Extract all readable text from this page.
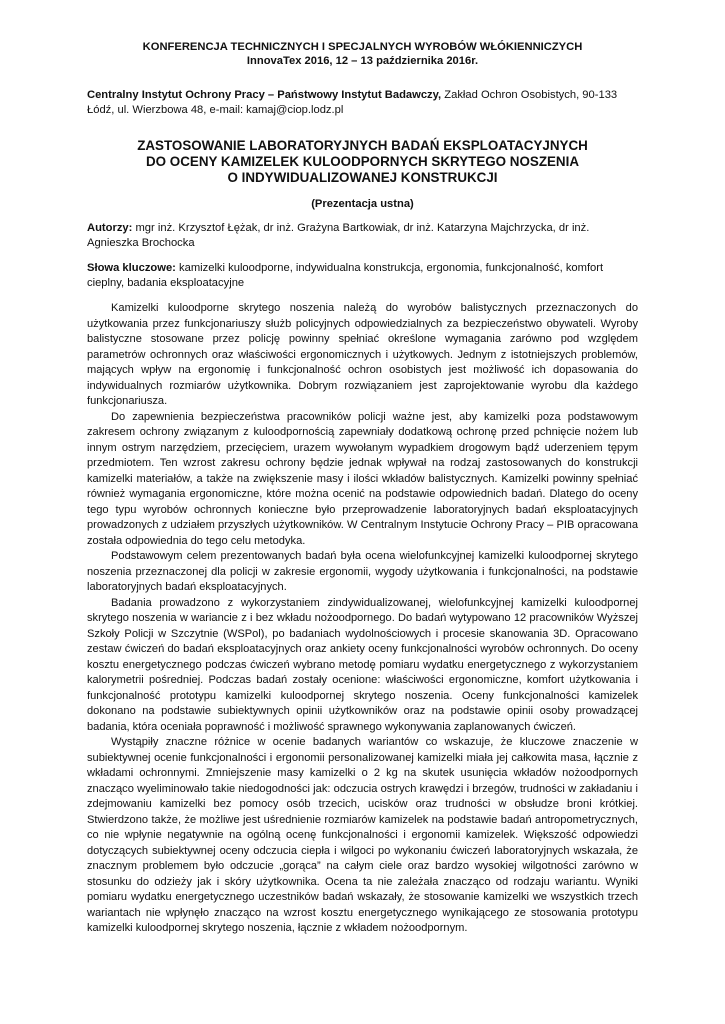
KONFERENCJA TECHNICZNYCH I SPECJALNYCH WYROBÓW WŁÓKIENNICZYCH
InnovaTex 2016, 12 – 13 października 2016r.
Centralny Instytut Ochrony Pracy – Państwowy Instytut Badawczy, Zakład Ochron Osobistych, 90-133 Łódź, ul. Wierzbowa 48, e-mail: kamaj@ciop.lodz.pl
ZASTOSOWANIE LABORATORYJNYCH BADAŃ EKSPLOATACYJNYCH
DO OCENY KAMIZELEK KULOODPORNYCH SKRYTEGO NOSZENIA
O INDYWIDUALIZOWANEJ KONSTRUKCJI
(Prezentacja ustna)
Autorzy: mgr inż. Krzysztof Łężak, dr inż. Grażyna Bartkowiak, dr inż. Katarzyna Majchrzycka, dr inż. Agnieszka Brochocka
Słowa kluczowe: kamizelki kuloodporne, indywidualna konstrukcja, ergonomia, funkcjonalność, komfort cieplny, badania eksploatacyjne

Kamizelki kuloodporne skrytego noszenia należą do wyrobów balistycznych przeznaczonych do użytkowania przez funkcjonariuszy służb policyjnych odpowiedzialnych za bezpieczeństwo obywateli. Wyroby balistyczne stosowane przez policję powinny spełniać określone wymagania zarówno pod względem parametrów ochronnych oraz właściwości ergonomicznych i użytkowych. Jednym z istotniejszych problemów, mających wpływ na ergonomię i funkcjonalność ochron osobistych jest możliwość ich dopasowania do indywidualnych rozmiarów użytkownika. Dobrym rozwiązaniem jest zaprojektowanie wyrobu dla każdego funkcjonariusza.

Do zapewnienia bezpieczeństwa pracowników policji ważne jest, aby kamizelki poza podstawowym zakresem ochrony związanym z kuloodpornością zapewniały dodatkową ochronę przed pchnięcie nożem lub innym ostrym narzędziem, przecięciem, urazem wywołanym wypadkiem drogowym bądź uderzeniem tępym przedmiotem. Ten wzrost zakresu ochrony będzie jednak wpływał na rodzaj zastosowanych do konstrukcji kamizelki materiałów, a także na zwiększenie masy i ilości wkładów balistycznych. Kamizelki powinny spełniać również wymagania ergonomiczne, które można ocenić na podstawie odpowiednich badań. Dlatego do oceny tego typu wyrobów ochronnych konieczne było przeprowadzenie laboratoryjnych badań eksploatacyjnych prowadzonych z udziałem przyszłych użytkowników. W Centralnym Instytucie Ochrony Pracy – PIB opracowana została odpowiednia do tego celu metodyka.

Podstawowym celem prezentowanych badań była ocena wielofunkcyjnej kamizelki kuloodpornej skrytego noszenia przeznaczonej dla policji w zakresie ergonomii, wygody użytkowania i funkcjonalności, na podstawie laboratoryjnych badań eksploatacyjnych.

Badania prowadzono z wykorzystaniem zindywidualizowanej, wielofunkcyjnej kamizelki kuloodpornej skrytego noszenia w wariancie z i bez wkładu nożoodpornego. Do badań wytypowano 12 pracowników Wyższej Szkoły Policji w Szczytnie (WSPol), po badaniach wydolnościowych i procesie skanowania 3D. Opracowano zestaw ćwiczeń do badań eksploatacyjnych oraz ankiety oceny funkcjonalności wyrobów ochronnych. Do oceny kosztu energetycznego podczas ćwiczeń wybrano metodę pomiaru wydatku energetycznego z wykorzystaniem kalorymetrii pośredniej. Podczas badań zostały ocenione: właściwości ergonomiczne, komfort użytkowania i funkcjonalność prototypu kamizelki kuloodpornej skrytego noszenia. Oceny funkcjonalności kamizelek dokonano na podstawie subiektywnych opinii użytkowników oraz na podstawie opinii osoby prowadzącej badania, która oceniała poprawność i możliwość sprawnego wykonywania zaplanowanych ćwiczeń.

Wystąpiły znaczne różnice w ocenie badanych wariantów co wskazuje, że kluczowe znaczenie w subiektywnej ocenie funkcjonalności i ergonomii personalizowanej kamizelki miała jej całkowita masa, łącznie z wkładami ochronnymi. Zmniejszenie masy kamizelki o 2 kg na skutek usunięcia wkładów nożoodpornych znacząco wyeliminowało takie niedogodności jak: odczucia ostrych krawędzi i brzegów, trudności w zakładaniu i zdejmowaniu kamizelki bez pomocy osób trzecich, ucisków oraz trudności w obsłudze broni krótkiej. Stwierdzono także, że możliwe jest uśrednienie rozmiarów kamizelek na podstawie badań antropometrycznych, co nie wpłynie negatywnie na ogólną ocenę funkcjonalności i ergonomii kamizelek. Większość odpowiedzi dotyczących subiektywnej oceny odczucia ciepła i wilgoci po wykonaniu ćwiczeń laboratoryjnych wskazała, że znacznym problemem było odczucie „gorąca” na całym ciele oraz bardzo wysokiej wilgotności zarówno w stosunku do odzieży jak i skóry użytkownika. Ocena ta nie zależała znacząco od rodzaju wariantu. Wyniki pomiaru wydatku energetycznego uczestników badań wskazały, że stosowanie kamizelki we wszystkich trzech wariantach nie wpłynęło znacząco na wzrost kosztu energetycznego wynikającego ze stosowania prototypu kamizelki kuloodpornej skrytego noszenia, łącznie z wkładem nożoodpornym.
